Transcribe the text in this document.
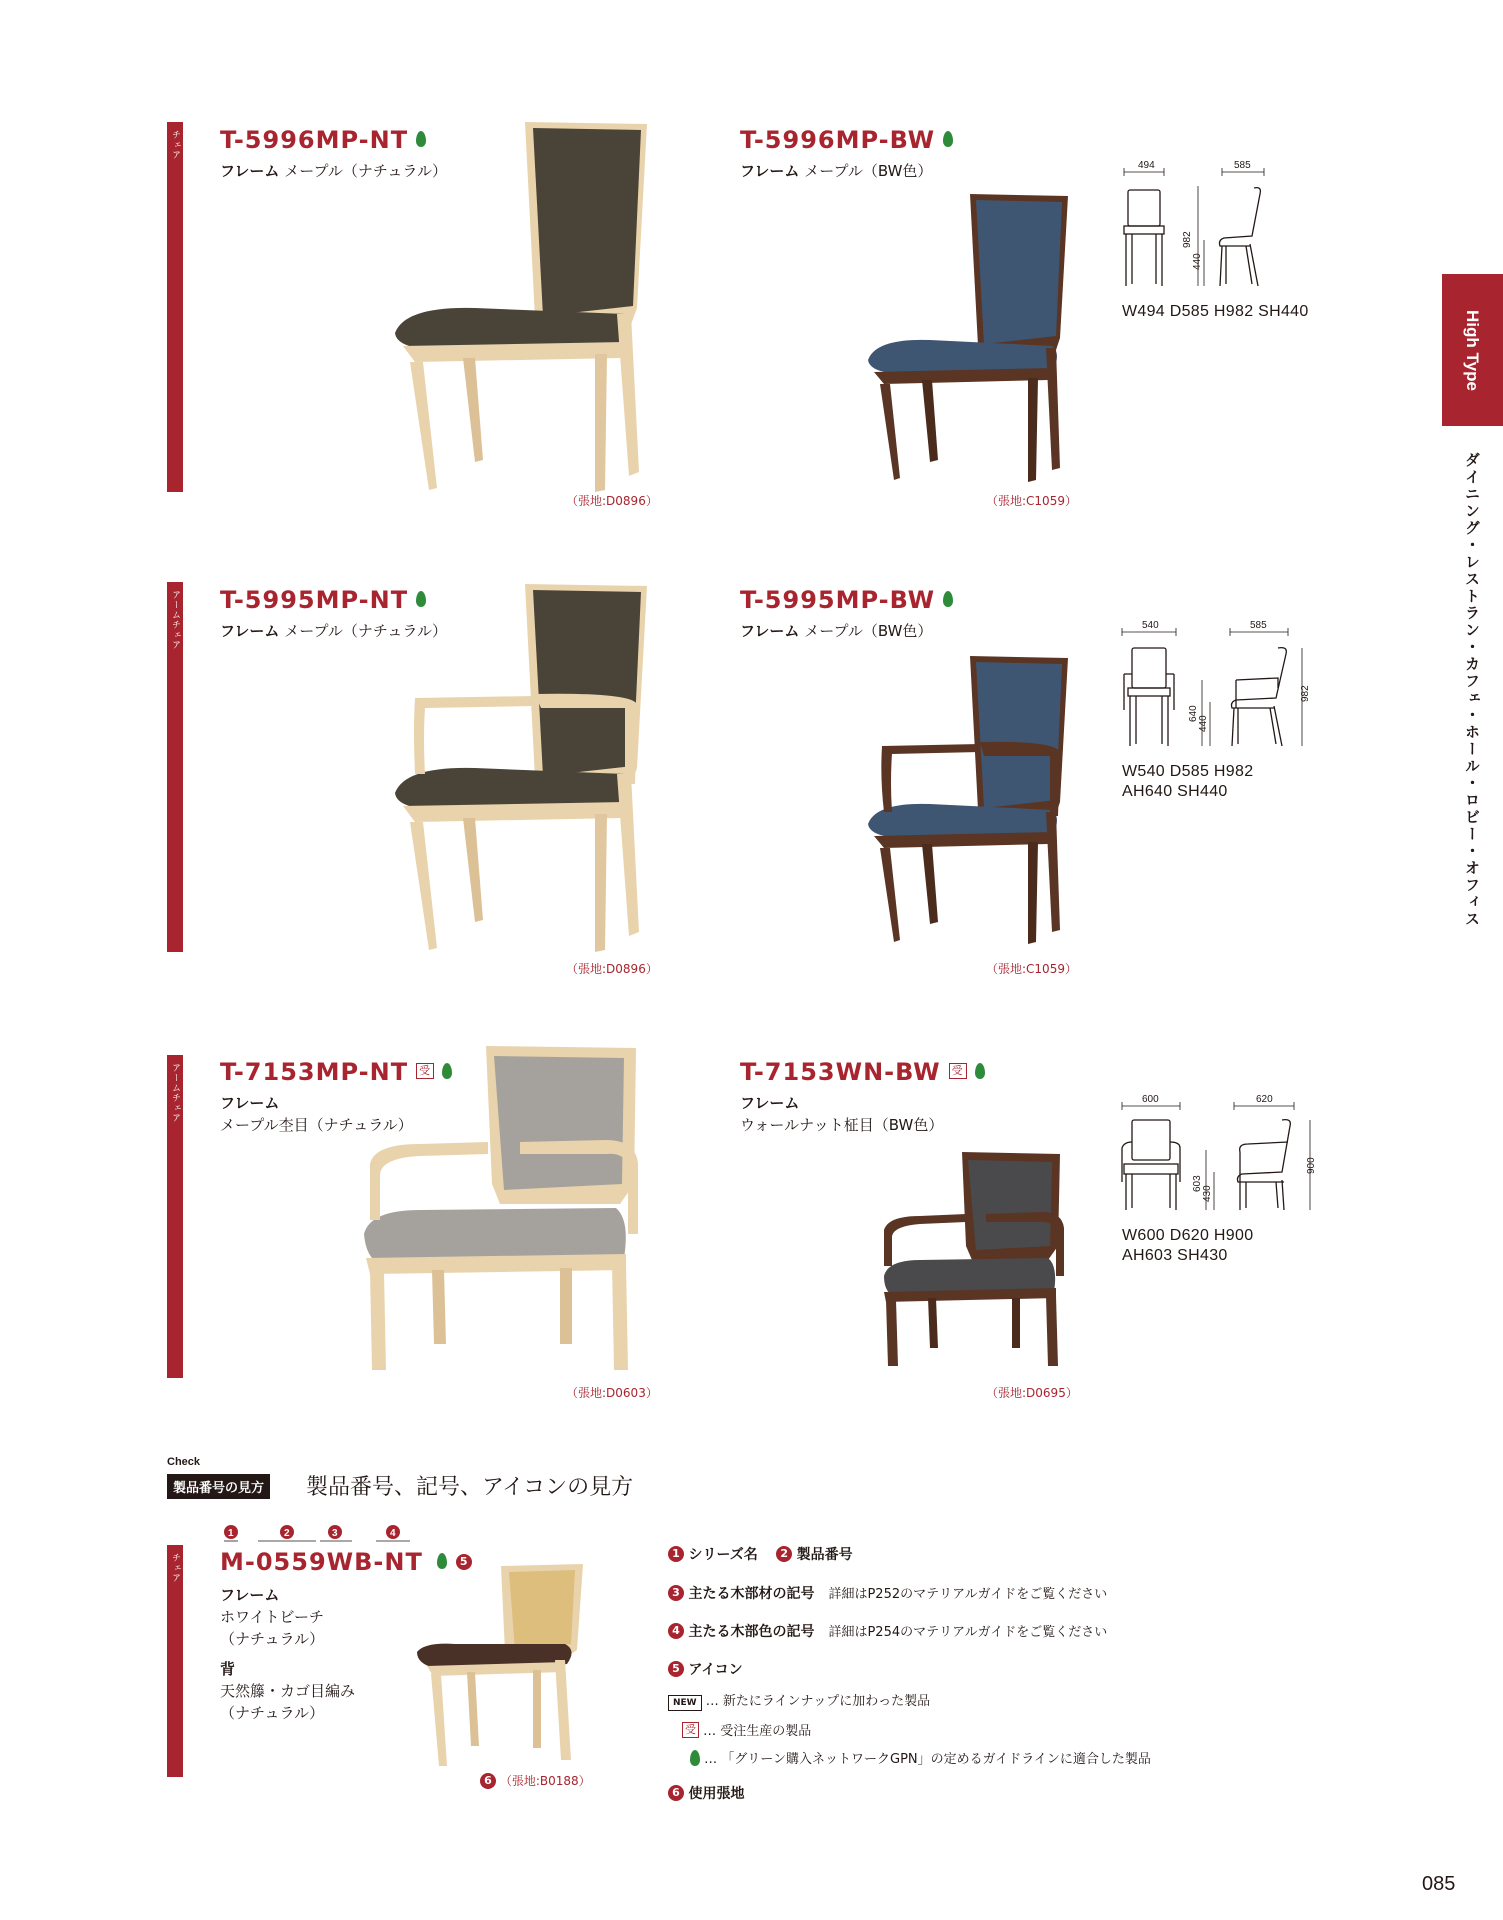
High Type
ダイニング・レストラン・カフェ・ホール・ロビー・オフィス
チェア T-5996MP-NT
フレーム メープル（ナチュラル）
（張地:D0896）
T-5996MP-BW
フレーム メープル（BW色）
（張地:C1059）
494	585
982
440
W494 D585 H982 SH440
アームチェア T-5995MP-NT
フレーム メープル（ナチュラル）
（張地:D0896）
T-5995MP-BW
フレーム メープル（BW色）
（張地:C1059）
540	585
640
440
982
W540 D585 H982
AH640 SH440
アームチェア T-7153MP-NT 受
フレーム
メープル杢目（ナチュラル）
（張地:D0603）
T-7153WN-BW 受
フレーム
ウォールナット柾目（BW色）
（張地:D0695）
600	620
603
430
900
W600 D620 H900
AH603 SH430
Check
製品番号の見方 製品番号、記号、アイコンの見方
チェア
1	2	3	4
M-0559WB-NT	5
フレーム
ホワイトビーチ
（ナチュラル）
背
天然籐・カゴ目編み
（ナチュラル）
6 （張地:B0188）
1 シリーズ名 2 製品番号
3 主たる木部材の記号 詳細はP252のマテリアルガイドをご覧ください
4 主たる木部色の記号 詳細はP254のマテリアルガイドをご覧ください
5 アイコン
NEW … 新たにラインナップに加わった製品
受 … 受注生産の製品
… 「グリーン購入ネットワークGPN」の定めるガイドラインに適合した製品
6 使用張地
085
